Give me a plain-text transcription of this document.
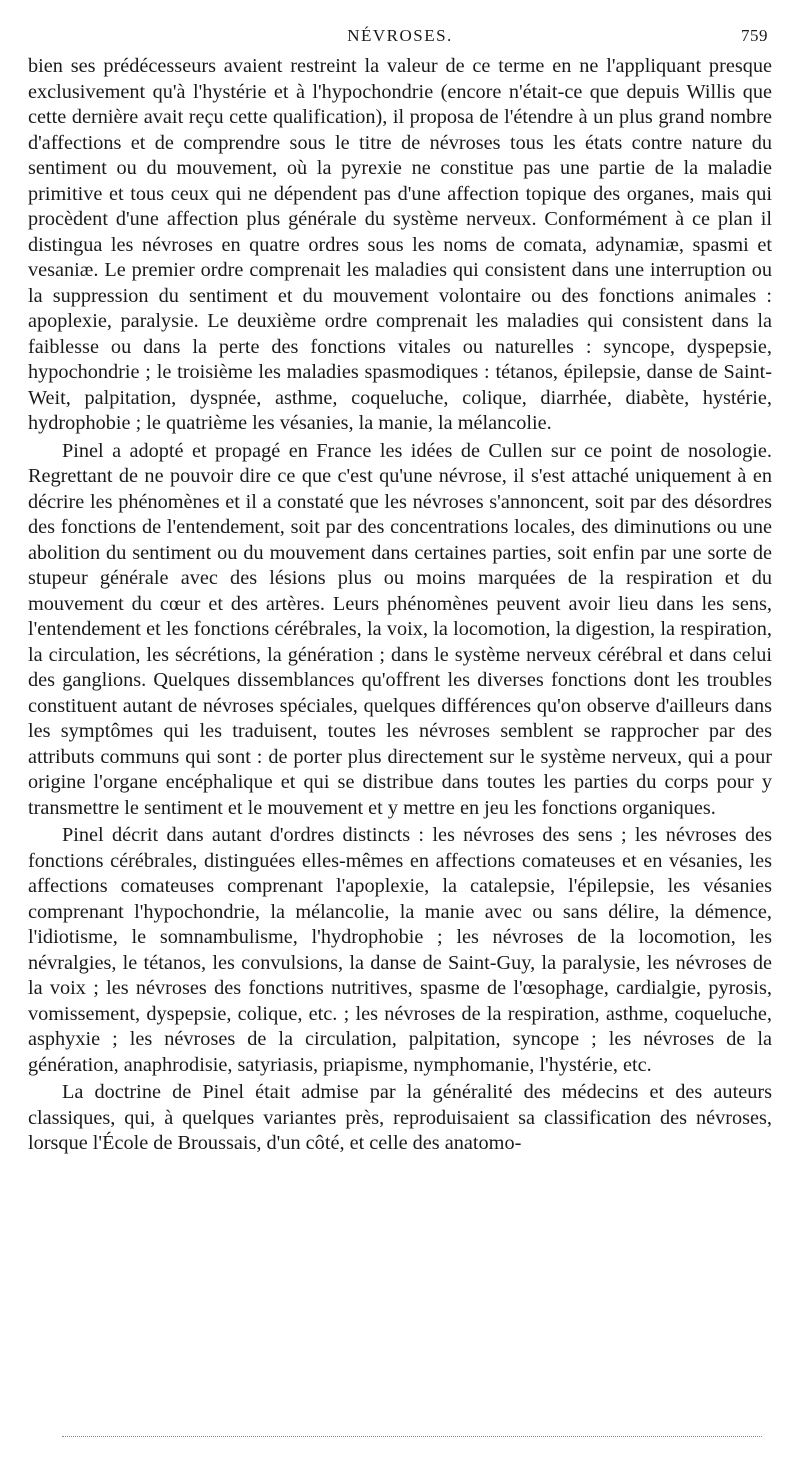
NÉVROSES.	759

bien ses prédécesseurs avaient restreint la valeur de ce terme en ne l'appliquant presque exclusivement qu'à l'hystérie et à l'hypochondrie (encore n'était-ce que depuis Willis que cette dernière avait reçu cette qualification), il proposa de l'étendre à un plus grand nombre d'affections et de comprendre sous le titre de névroses tous les états contre nature du sentiment ou du mouvement, où la pyrexie ne constitue pas une partie de la maladie primitive et tous ceux qui ne dépendent pas d'une affection topique des organes, mais qui procèdent d'une affection plus générale du système nerveux. Conformément à ce plan il distingua les névroses en quatre ordres sous les noms de comata, adynamiæ, spasmi et vesaniæ. Le premier ordre comprenait les maladies qui consistent dans une interruption ou la suppression du sentiment et du mouvement volontaire ou des fonctions animales : apoplexie, paralysie. Le deuxième ordre comprenait les maladies qui consistent dans la faiblesse ou dans la perte des fonctions vitales ou naturelles : syncope, dyspepsie, hypochondrie ; le troisième les maladies spasmodiques : tétanos, épilepsie, danse de Saint-Weit, palpitation, dyspnée, asthme, coqueluche, colique, diarrhée, diabète, hystérie, hydrophobie ; le quatrième les vésanies, la manie, la mélancolie.

Pinel a adopté et propagé en France les idées de Cullen sur ce point de nosologie. Regrettant de ne pouvoir dire ce que c'est qu'une névrose, il s'est attaché uniquement à en décrire les phénomènes et il a constaté que les névroses s'annoncent, soit par des désordres des fonctions de l'entendement, soit par des concentrations locales, des diminutions ou une abolition du sentiment ou du mouvement dans certaines parties, soit enfin par une sorte de stupeur générale avec des lésions plus ou moins marquées de la respiration et du mouvement du cœur et des artères. Leurs phénomènes peuvent avoir lieu dans les sens, l'entendement et les fonctions cérébrales, la voix, la locomotion, la digestion, la respiration, la circulation, les sécrétions, la génération ; dans le système nerveux cérébral et dans celui des ganglions. Quelques dissemblances qu'offrent les diverses fonctions dont les troubles constituent autant de névroses spéciales, quelques différences qu'on observe d'ailleurs dans les symptômes qui les traduisent, toutes les névroses semblent se rapprocher par des attributs communs qui sont : de porter plus directement sur le système nerveux, qui a pour origine l'organe encéphalique et qui se distribue dans toutes les parties du corps pour y transmettre le sentiment et le mouvement et y mettre en jeu les fonctions organiques.

Pinel décrit dans autant d'ordres distincts : les névroses des sens ; les névroses des fonctions cérébrales, distinguées elles-mêmes en affections comateuses et en vésanies, les affections comateuses comprenant l'apoplexie, la catalepsie, l'épilepsie, les vésanies comprenant l'hypochondrie, la mélancolie, la manie avec ou sans délire, la démence, l'idiotisme, le somnambulisme, l'hydrophobie ; les névroses de la locomotion, les névralgies, le tétanos, les convulsions, la danse de Saint-Guy, la paralysie, les névroses de la voix ; les névroses des fonctions nutritives, spasme de l'œsophage, cardialgie, pyrosis, vomissement, dyspepsie, colique, etc. ; les névroses de la respiration, asthme, coqueluche, asphyxie ; les névroses de la circulation, palpitation, syncope ; les névroses de la génération, anaphrodisie, satyriasis, priapisme, nymphomanie, l'hystérie, etc.

La doctrine de Pinel était admise par la généralité des médecins et des auteurs classiques, qui, à quelques variantes près, reproduisaient sa classification des névroses, lorsque l'École de Broussais, d'un côté, et celle des anatomo-
